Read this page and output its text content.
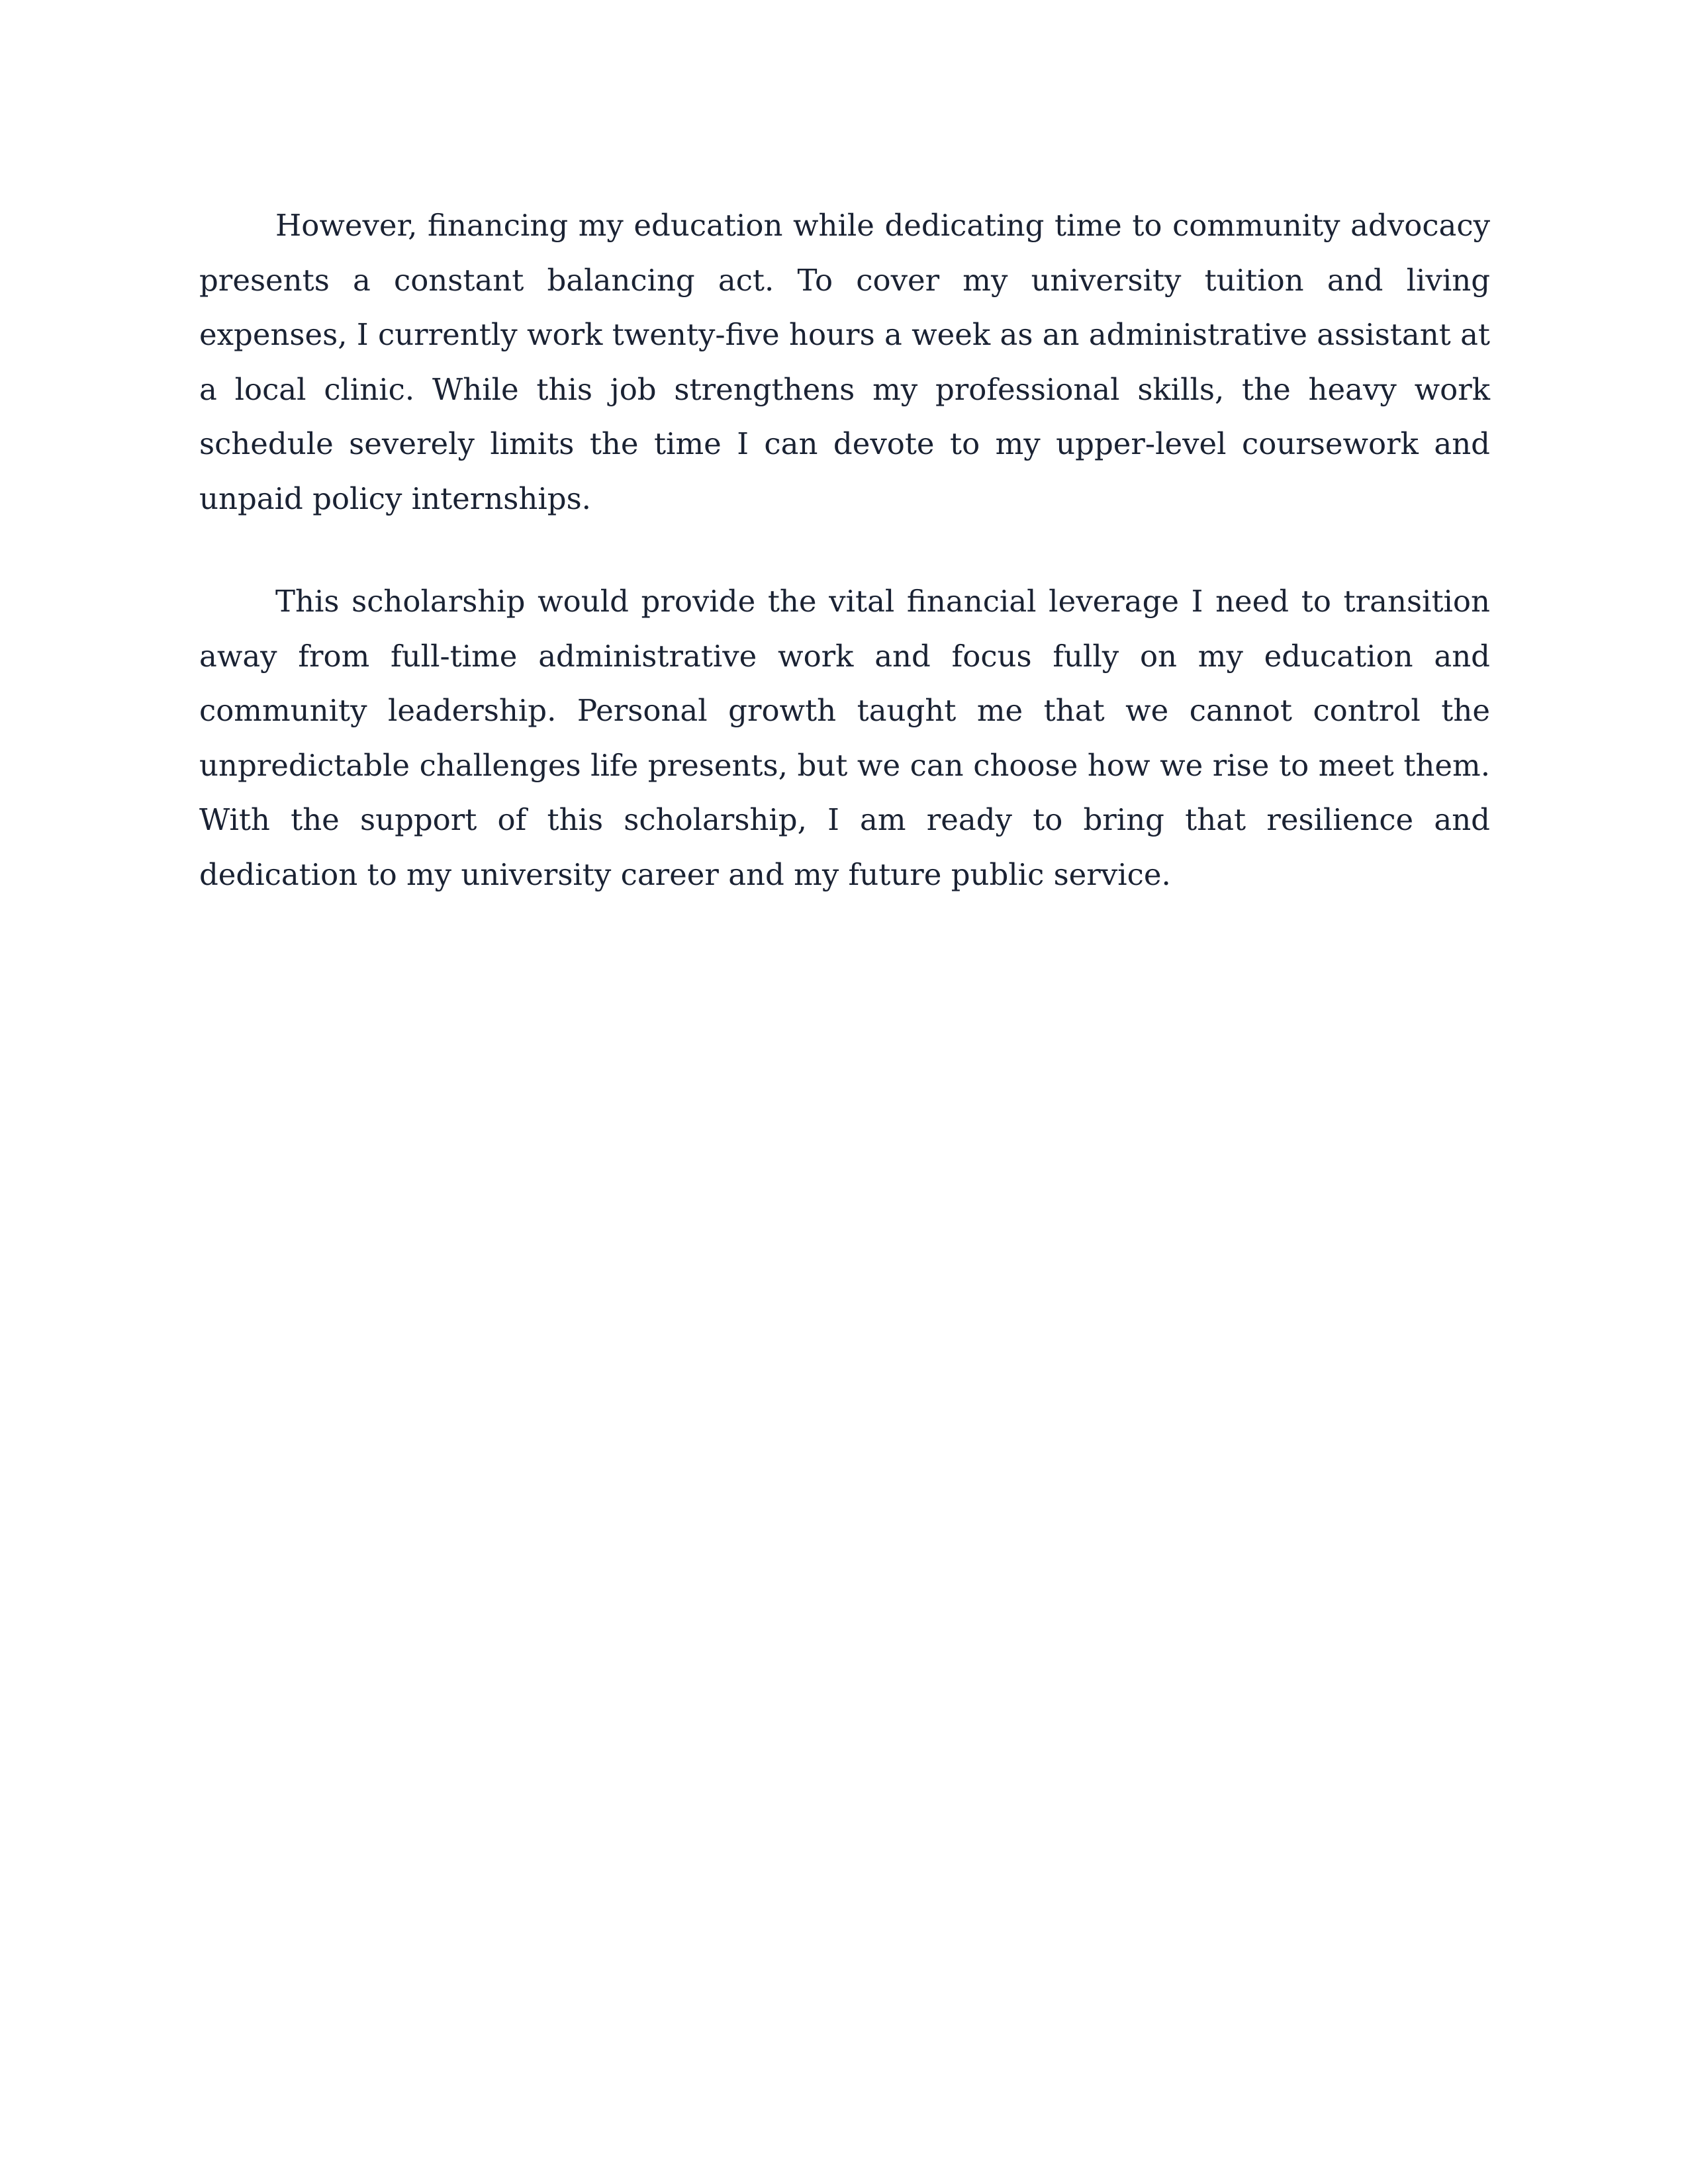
However, financing my education while dedicating time to community advocacy presents a constant balancing act. To cover my university tuition and living expenses, I currently work twenty-five hours a week as an administrative assistant at a local clinic. While this job strengthens my professional skills, the heavy work schedule severely limits the time I can devote to my upper-level coursework and unpaid policy internships.

This scholarship would provide the vital financial leverage I need to transition away from full-time administrative work and focus fully on my education and community leadership. Personal growth taught me that we cannot control the unpredictable challenges life presents, but we can choose how we rise to meet them. With the support of this scholarship, I am ready to bring that resilience and dedication to my university career and my future public service.
